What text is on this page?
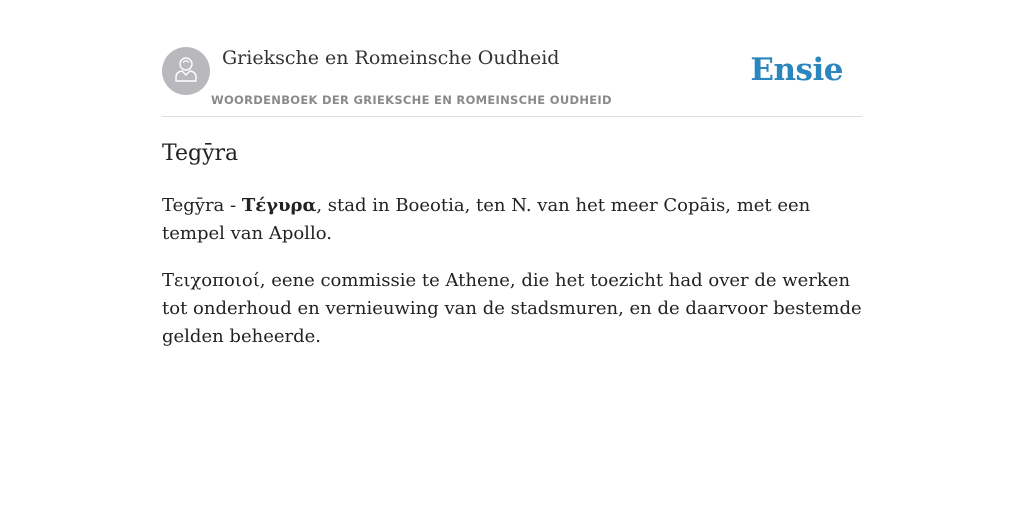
Grieksche en Romeinsche Oudheid
WOORDENBOEK DER GRIEKSCHE EN ROMEINSCHE OUDHEID
Ensie
Tegȳra

Tegȳra - Τέγυρα, stad in Boeotia, ten N. van het meer Copāis, met een tempel van Apollo.

Τειχοποιοί, eene commissie te Athene, die het toezicht had over de werken tot onderhoud en vernieuwing van de stadsmuren, en de daarvoor bestemde gelden beheerde.
